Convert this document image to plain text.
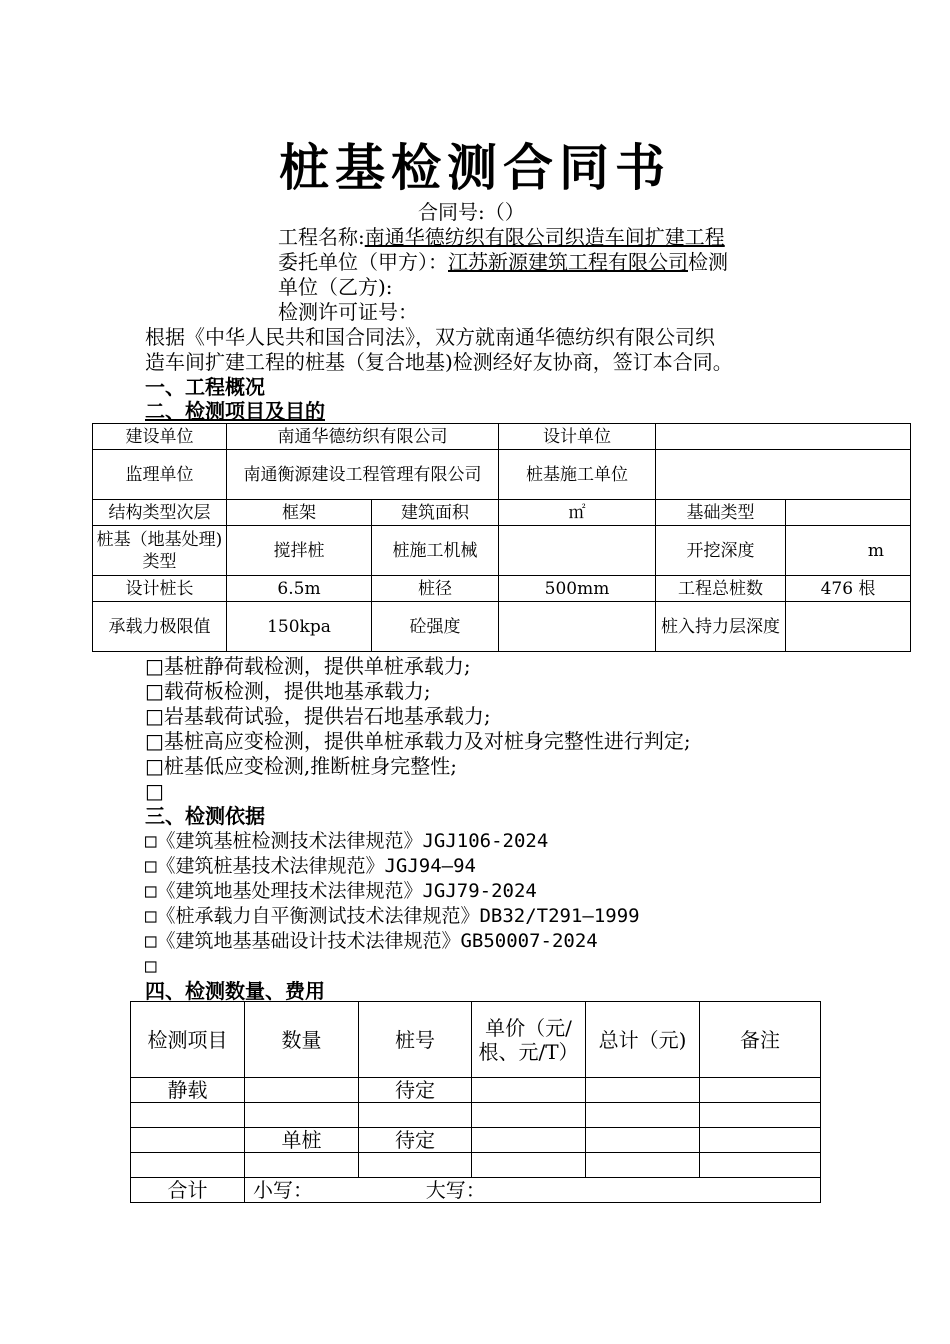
桩基检测合同书
合同号:（）
工程名称:南通华德纺织有限公司织造车间扩建工程
委托单位（甲方）：江苏新源建筑工程有限公司检测
单位（乙方):
检测许可证号：
根据《中华人民共和国合同法》，双方就南通华德纺织有限公司织
造车间扩建工程的桩基（复合地基)检测经好友协商，签订本合同。
一、工程概况
二、检测项目及目的
建设单位	南通华德纺织有限公司		设计单位		
监理单位	南通衡源建设工程管理有限公司		桩基施工单位		
结构类型次层	框架	建筑面积	㎡	基础类型	
桩基（地基处理)类型	搅拌桩	桩施工机械		开挖深度	m
设计桩长	6.5m	桩径	500mm	工程总桩数	476 根
承载力极限值	150kpa	砼强度		桩入持力层深度	
□基桩静荷载检测，提供单桩承载力;
□载荷板检测，提供地基承载力;
□岩基载荷试验，提供岩石地基承载力;
□基桩高应变检测，提供单桩承载力及对桩身完整性进行判定;
□桩基低应变检测,推断桩身完整性;
□
三、检测依据
□《建筑基桩检测技术法律规范》JGJ106-2024
□《建筑桩基技术法律规范》JGJ94—94
□《建筑地基处理技术法律规范》JGJ79-2024
□《桩承载力自平衡测试技术法律规范》DB32/T291—1999
□《建筑地基基础设计技术法律规范》GB50007-2024
□
四、检测数量、费用
检测项目	数量	桩号	单价（元/根、元/T）	总计（元)	备注
静载		待定			

	单桩	待定			

合计	小写： 大写：				
